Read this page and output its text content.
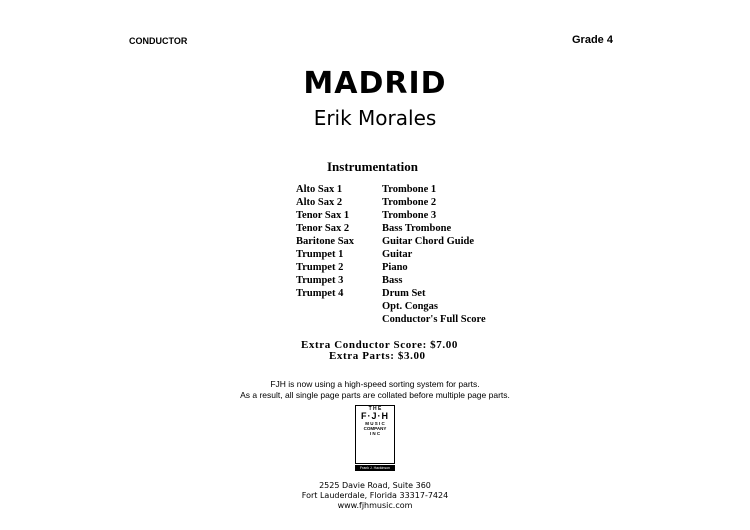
CONDUCTOR	Grade 4
MADRID
Erik Morales
Instrumentation
Alto Sax 1
Alto Sax 2
Tenor Sax 1
Tenor Sax 2
Baritone Sax
Trumpet 1
Trumpet 2
Trumpet 3
Trumpet 4
Trombone 1
Trombone 2
Trombone 3
Bass Trombone
Guitar Chord Guide
Guitar
Piano
Bass
Drum Set
Opt. Congas
Conductor's Full Score
Extra Conductor Score: $7.00
Extra Parts: $3.00
FJH is now using a high-speed sorting system for parts.
As a result, all single page parts are collated before multiple page parts.
T H E
F·J·H
M U S I C
COMPANY
I N C
Frank J. Hackinson
2525 Davie Road, Suite 360
Fort Lauderdale, Florida 33317-7424
www.fjhmusic.com
